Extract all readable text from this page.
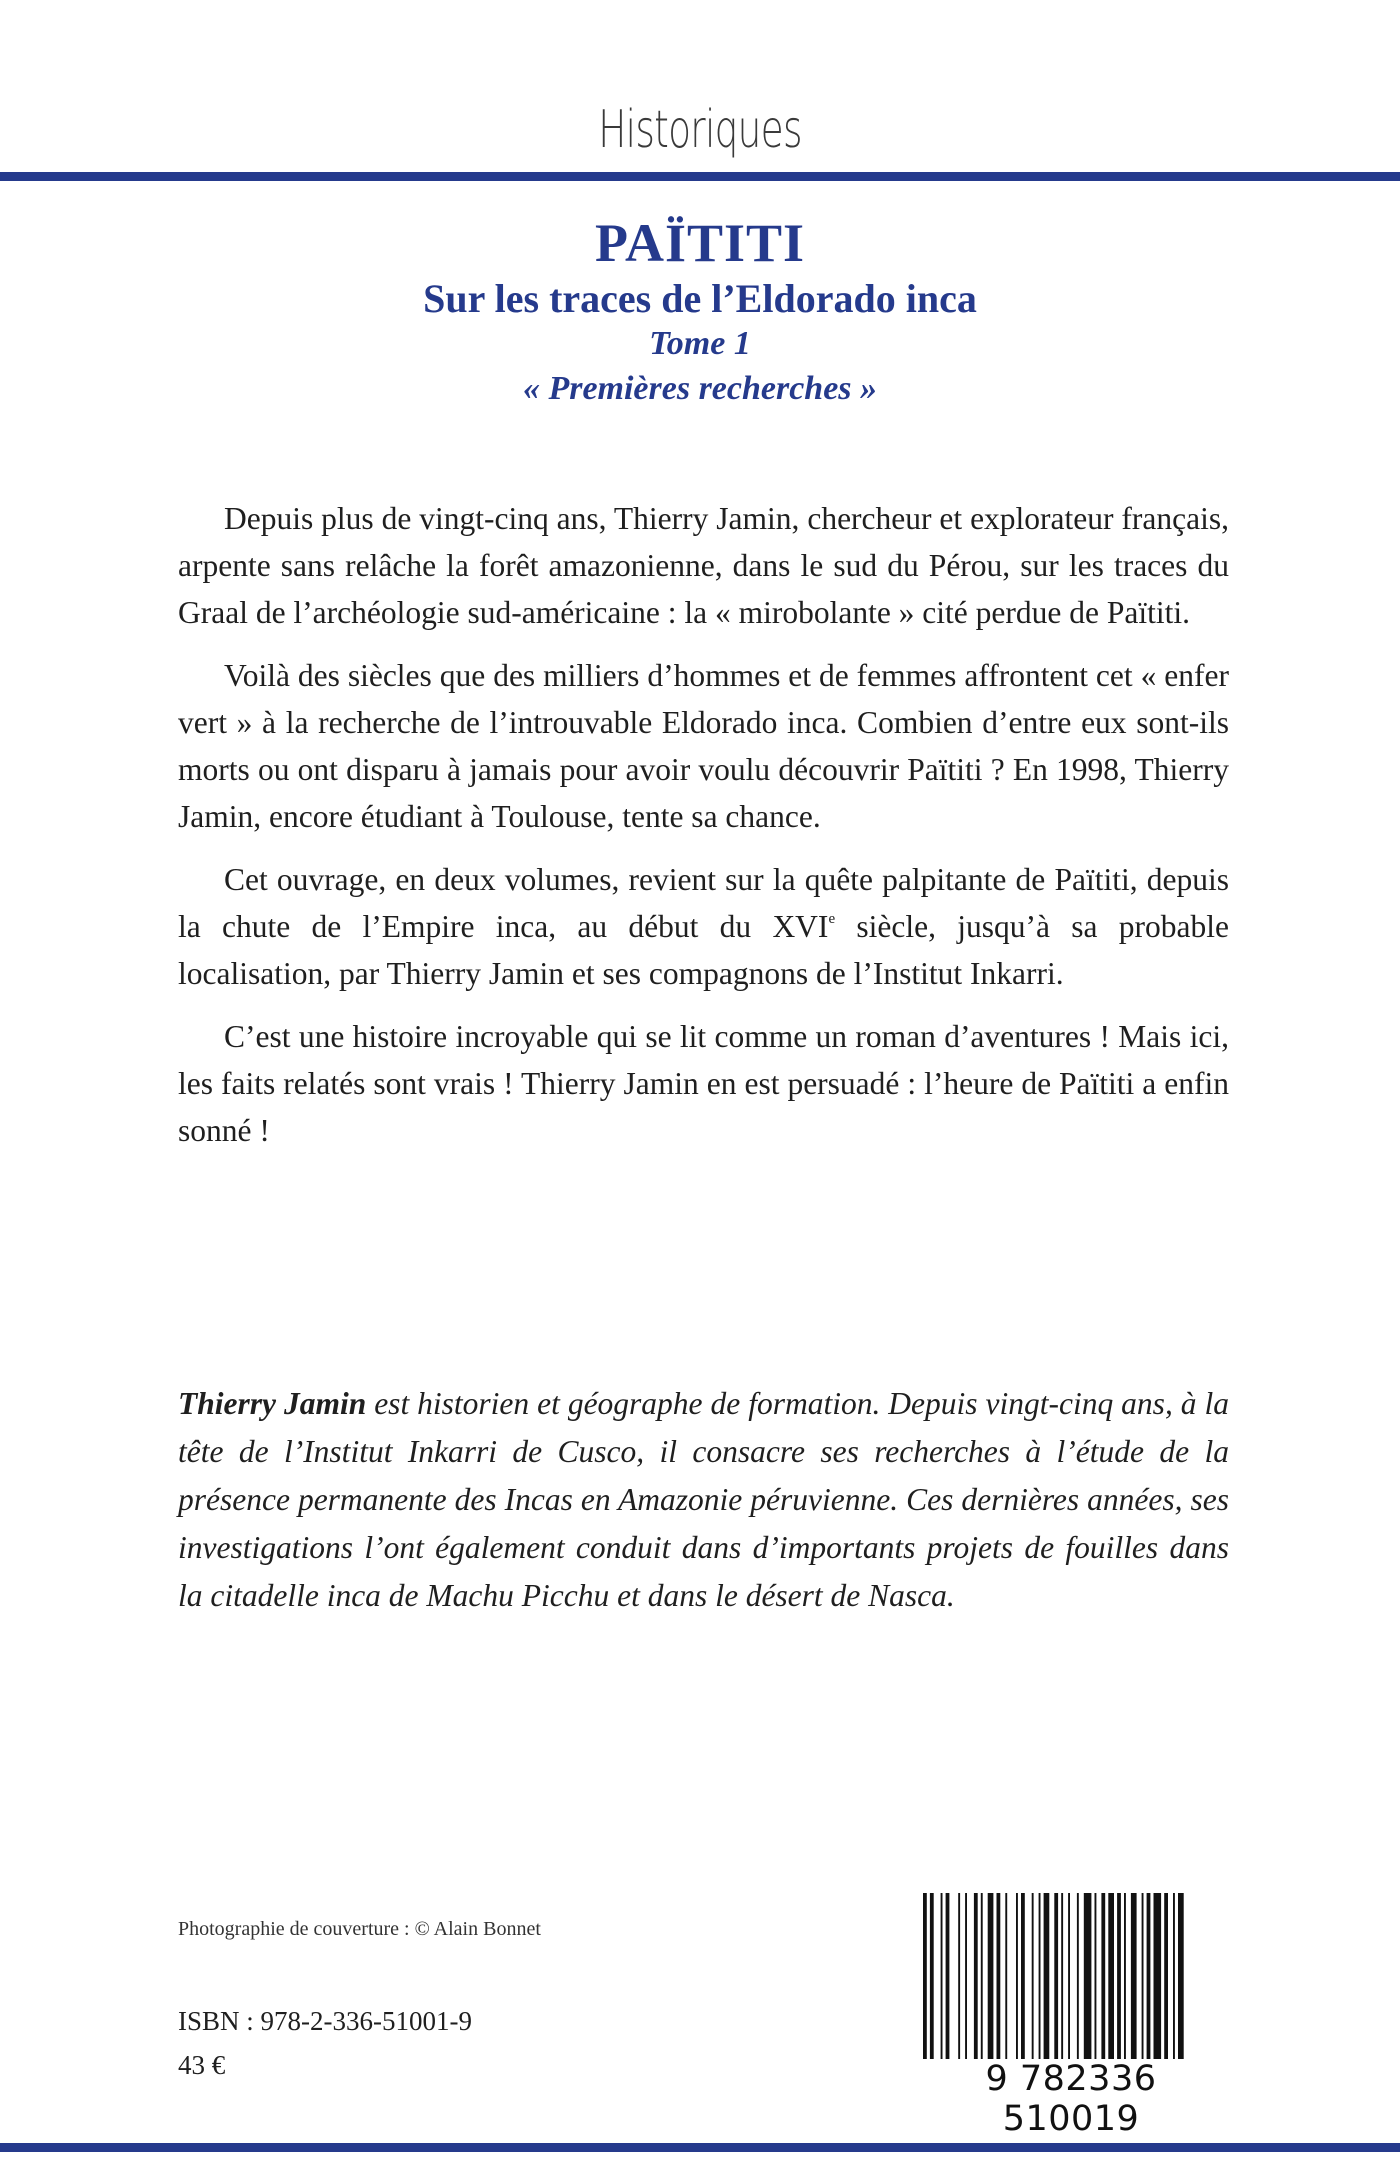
Historiques
PAÏTITI
Sur les traces de l’Eldorado inca
Tome 1
« Premières recherches »

Depuis plus de vingt-cinq ans, Thierry Jamin, chercheur et explorateur français, arpente sans relâche la forêt amazonienne, dans le sud du Pérou, sur les traces du Graal de l’archéologie sud-américaine : la « mirobolante » cité perdue de Païtiti.

Voilà des siècles que des milliers d’hommes et de femmes affrontent cet « enfer vert » à la recherche de l’introuvable Eldorado inca. Combien d’entre eux sont-ils morts ou ont disparu à jamais pour avoir voulu découvrir Païtiti ? En 1998, Thierry Jamin, encore étudiant à Toulouse, tente sa chance.

Cet ouvrage, en deux volumes, revient sur la quête palpitante de Païtiti, depuis la chute de l’Empire inca, au début du XVIe siècle, jusqu’à sa probable localisation, par Thierry Jamin et ses compagnons de l’Institut Inkarri.

C’est une histoire incroyable qui se lit comme un roman d’aventures ! Mais ici, les faits relatés sont vrais ! Thierry Jamin en est persuadé : l’heure de Païtiti a enfin sonné !

Thierry Jamin est historien et géographe de formation. Depuis vingt-cinq ans, à la tête de l’Institut Inkarri de Cusco, il consacre ses recherches à l’étude de la présence permanente des Incas en Amazonie péruvienne. Ces dernières années, ses investigations l’ont également conduit dans d’importants projets de fouilles dans la citadelle inca de Machu Picchu et dans le désert de Nasca.

Photographie de couverture : © Alain Bonnet
ISBN : 978-2-336-51001-9
43 €	9 782336 510019
